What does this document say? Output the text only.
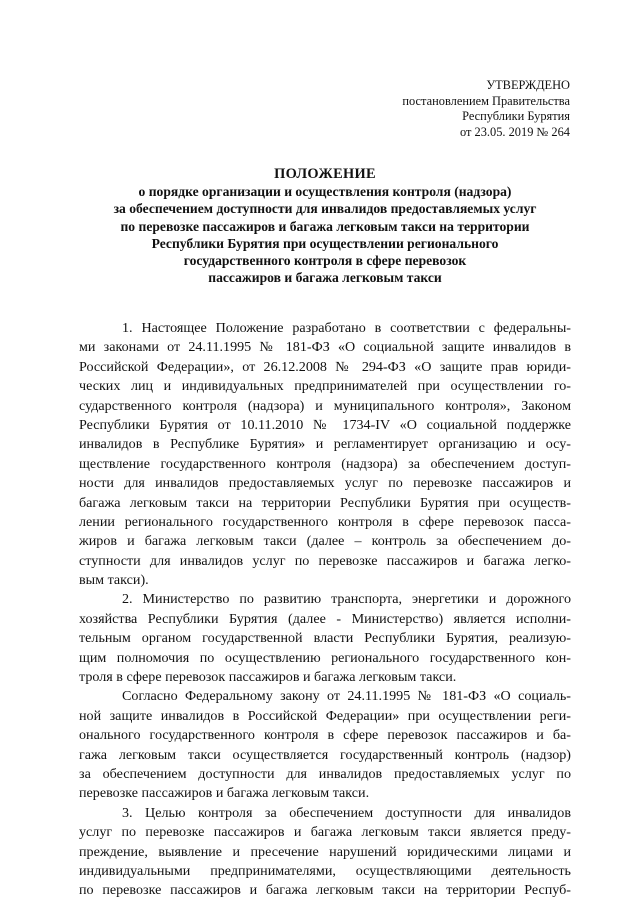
УТВЕРЖДЕНО
постановлением Правительства
Республики Бурятия
от 23.05. 2019 № 264
ПОЛОЖЕНИЕ
о порядке организации и осуществления контроля (надзора)
за обеспечением доступности для инвалидов предоставляемых услуг
по перевозке пассажиров и багажа легковым такси на территории
Республики Бурятия при осуществлении регионального
государственного контроля в сфере перевозок
пассажиров и багажа легковым такси
1. Настоящее Положение разработано в соответствии с федеральны-
ми законами от 24.11.1995 № 181-ФЗ «О социальной защите инвалидов в
Российской Федерации», от 26.12.2008 № 294-ФЗ «О защите прав юриди-
ческих лиц и индивидуальных предпринимателей при осуществлении го-
сударственного контроля (надзора) и муниципального контроля», Законом
Республики Бурятия от 10.11.2010 № 1734-IV «О социальной поддержке
инвалидов в Республике Бурятия» и регламентирует организацию и осу-
ществление государственного контроля (надзора) за обеспечением доступ-
ности для инвалидов предоставляемых услуг по перевозке пассажиров и
багажа легковым такси на территории Республики Бурятия при осуществ-
лении регионального государственного контроля в сфере перевозок пасса-
жиров и багажа легковым такси (далее – контроль за обеспечением до-
ступности для инвалидов услуг по перевозке пассажиров и багажа легко-
вым такси).
2. Министерство по развитию транспорта, энергетики и дорожного
хозяйства Республики Бурятия (далее - Министерство) является исполни-
тельным органом государственной власти Республики Бурятия, реализую-
щим полномочия по осуществлению регионального государственного кон-
троля в сфере перевозок пассажиров и багажа легковым такси.
Согласно Федеральному закону от 24.11.1995 № 181-ФЗ «О социаль-
ной защите инвалидов в Российской Федерации» при осуществлении реги-
онального государственного контроля в сфере перевозок пассажиров и ба-
гажа легковым такси осуществляется государственный контроль (надзор)
за обеспечением доступности для инвалидов предоставляемых услуг по
перевозке пассажиров и багажа легковым такси.
3. Целью контроля за обеспечением доступности для инвалидов
услуг по перевозке пассажиров и багажа легковым такси является преду-
преждение, выявление и пресечение нарушений юридическими лицами и
индивидуальными предпринимателями, осуществляющими деятельность
по перевозке пассажиров и багажа легковым такси на территории Респуб-
